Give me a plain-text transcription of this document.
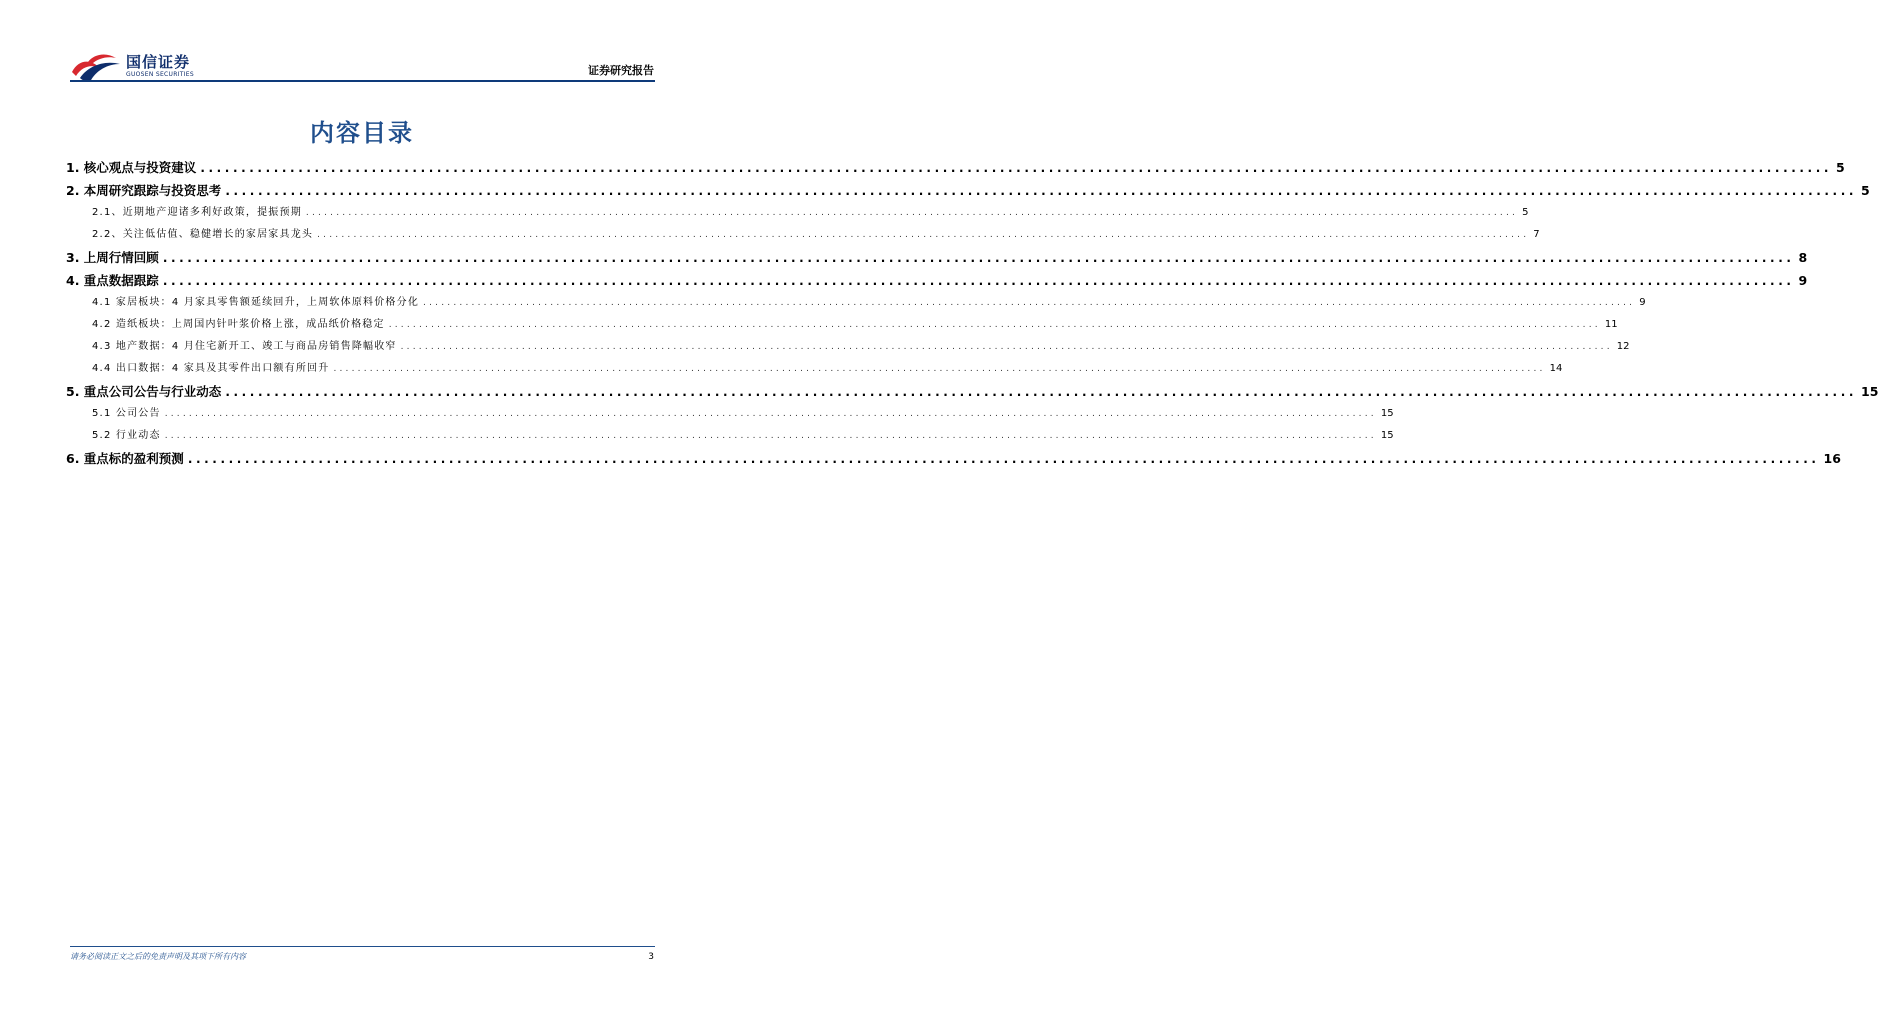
国信证券
GUOSEN SECURITIES	证券研究报告
内容目录
1. 核心观点与投资建议 ........................................................................................................................................................................................................ 5
2. 本周研究跟踪与投资思考 ........................................................................................................................................................................................................ 5
2.1、近期地产迎诸多利好政策，提振预期 ........................................................................................................................................................................................................ 5
2.2、关注低估值、稳健增长的家居家具龙头 ........................................................................................................................................................................................................ 7
3. 上周行情回顾 ........................................................................................................................................................................................................ 8
4. 重点数据跟踪 ........................................................................................................................................................................................................ 9
4.1 家居板块：4 月家具零售额延续回升，上周软体原料价格分化 ........................................................................................................................................................................................................ 9
4.2 造纸板块：上周国内针叶浆价格上涨，成品纸价格稳定 ........................................................................................................................................................................................................ 11
4.3 地产数据：4 月住宅新开工、竣工与商品房销售降幅收窄 ........................................................................................................................................................................................................ 12
4.4 出口数据：4 家具及其零件出口额有所回升 ........................................................................................................................................................................................................ 14
5. 重点公司公告与行业动态 ........................................................................................................................................................................................................ 15
5.1 公司公告 ........................................................................................................................................................................................................ 15
5.2 行业动态 ........................................................................................................................................................................................................ 15
6. 重点标的盈利预测 ........................................................................................................................................................................................................ 16
请务必阅读正文之后的免责声明及其项下所有内容	3
